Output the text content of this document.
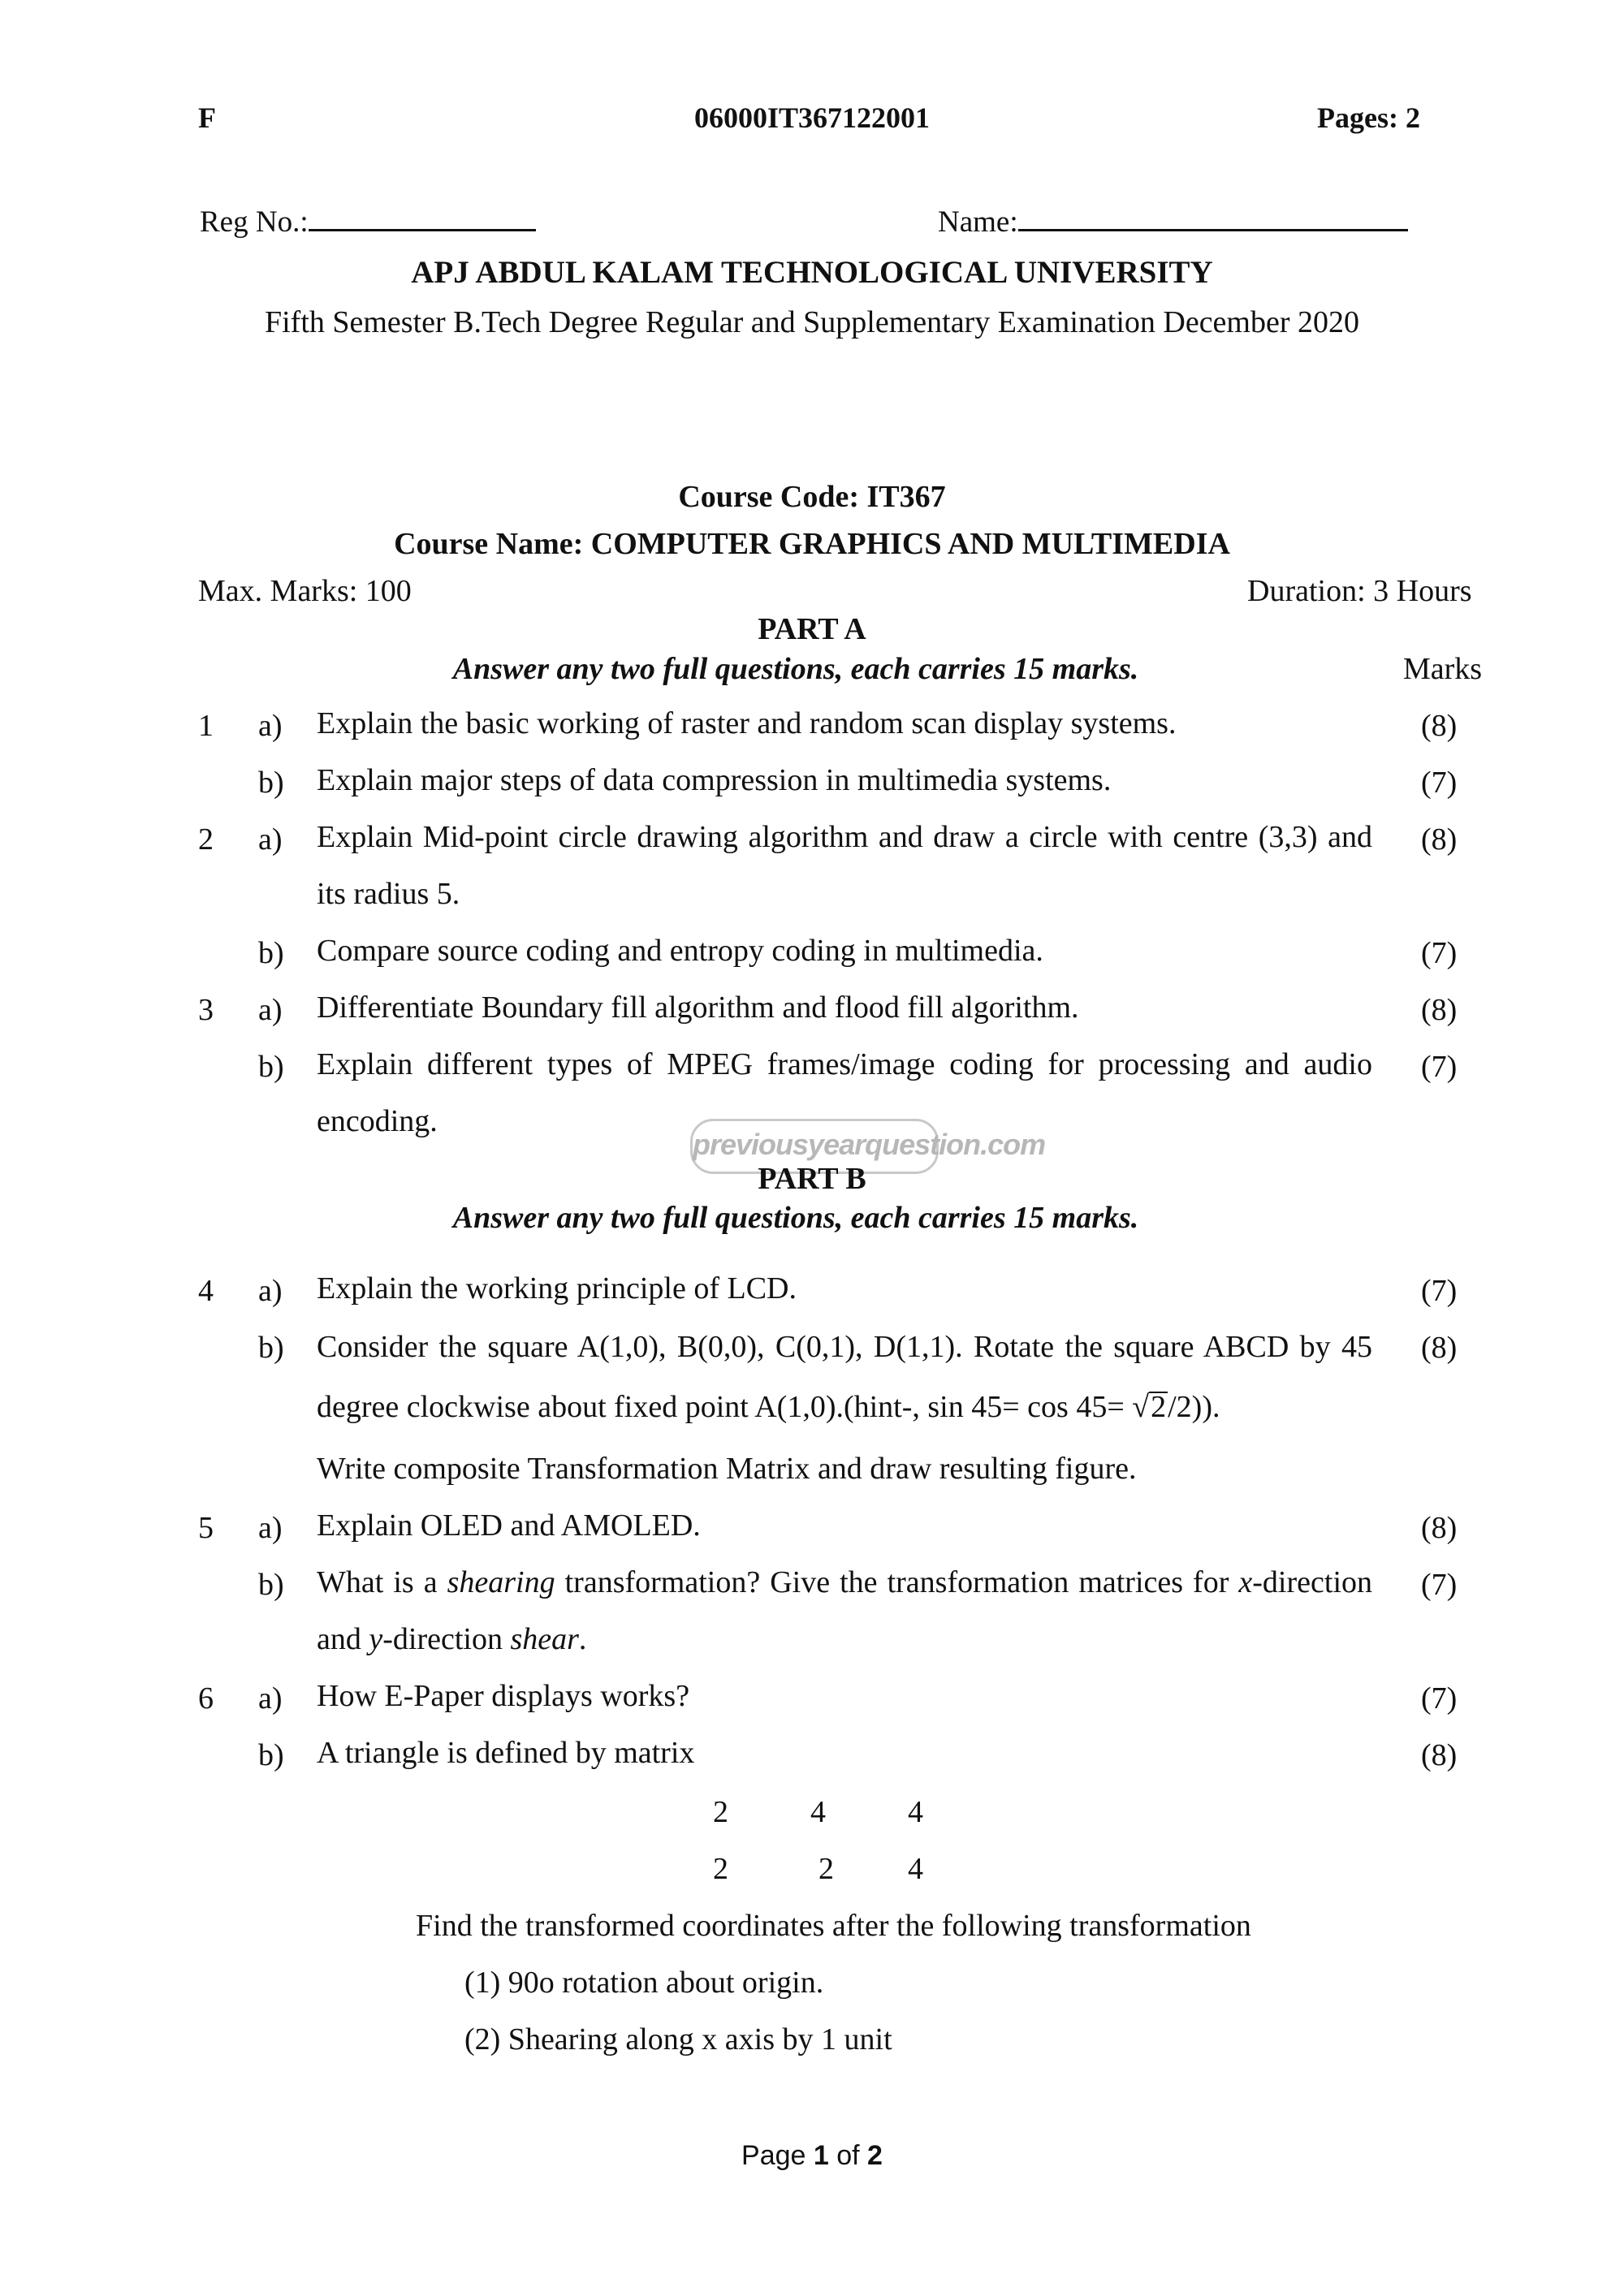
F	06000IT367122001	Pages: 2
Reg No.:	Name:
APJ ABDUL KALAM TECHNOLOGICAL UNIVERSITY
Fifth Semester B.Tech Degree Regular and Supplementary Examination December 2020
Course Code: IT367
Course Name: COMPUTER GRAPHICS AND MULTIMEDIA
Max. Marks: 100	Duration: 3 Hours
PART A
Answer any two full questions, each carries 15 marks.	Marks
1 a) Explain the basic working of raster and random scan display systems.	(8)
b) Explain major steps of data compression in multimedia systems.	(7)
2 a) Explain Mid-point circle drawing algorithm and draw a circle with centre (3,3) and its radius 5.
(8)
b) Compare source coding and entropy coding in multimedia.	(7)
3 a) Differentiate Boundary fill algorithm and flood fill algorithm.	(8)
b) Explain different types of MPEG frames/image coding for processing and audio encoding.
(7)
previousyearquestion.com
PART B
Answer any two full questions, each carries 15 marks.
4 a) Explain the working principle of LCD.	(7)
b) Consider the square A(1,0), B(0,0), C(0,1), D(1,1). Rotate the square ABCD by 45 degree clockwise about fixed point A(1,0).(hint-, sin 45= cos 45= √2/2)).
Write composite Transformation Matrix and draw resulting figure.
(8)
5 a) Explain OLED and AMOLED.	(8)
b) What is a shearing transformation? Give the transformation matrices for x-direction and y-direction shear.
(7)
6 a) How E-Paper displays works?	(7)
b) A triangle is defined by matrix	(8)
2	4	4
2	2 4
Find the transformed coordinates after the following transformation
(1) 90o rotation about origin.
(2) Shearing along x axis by 1 unit
Page 1 of 2
